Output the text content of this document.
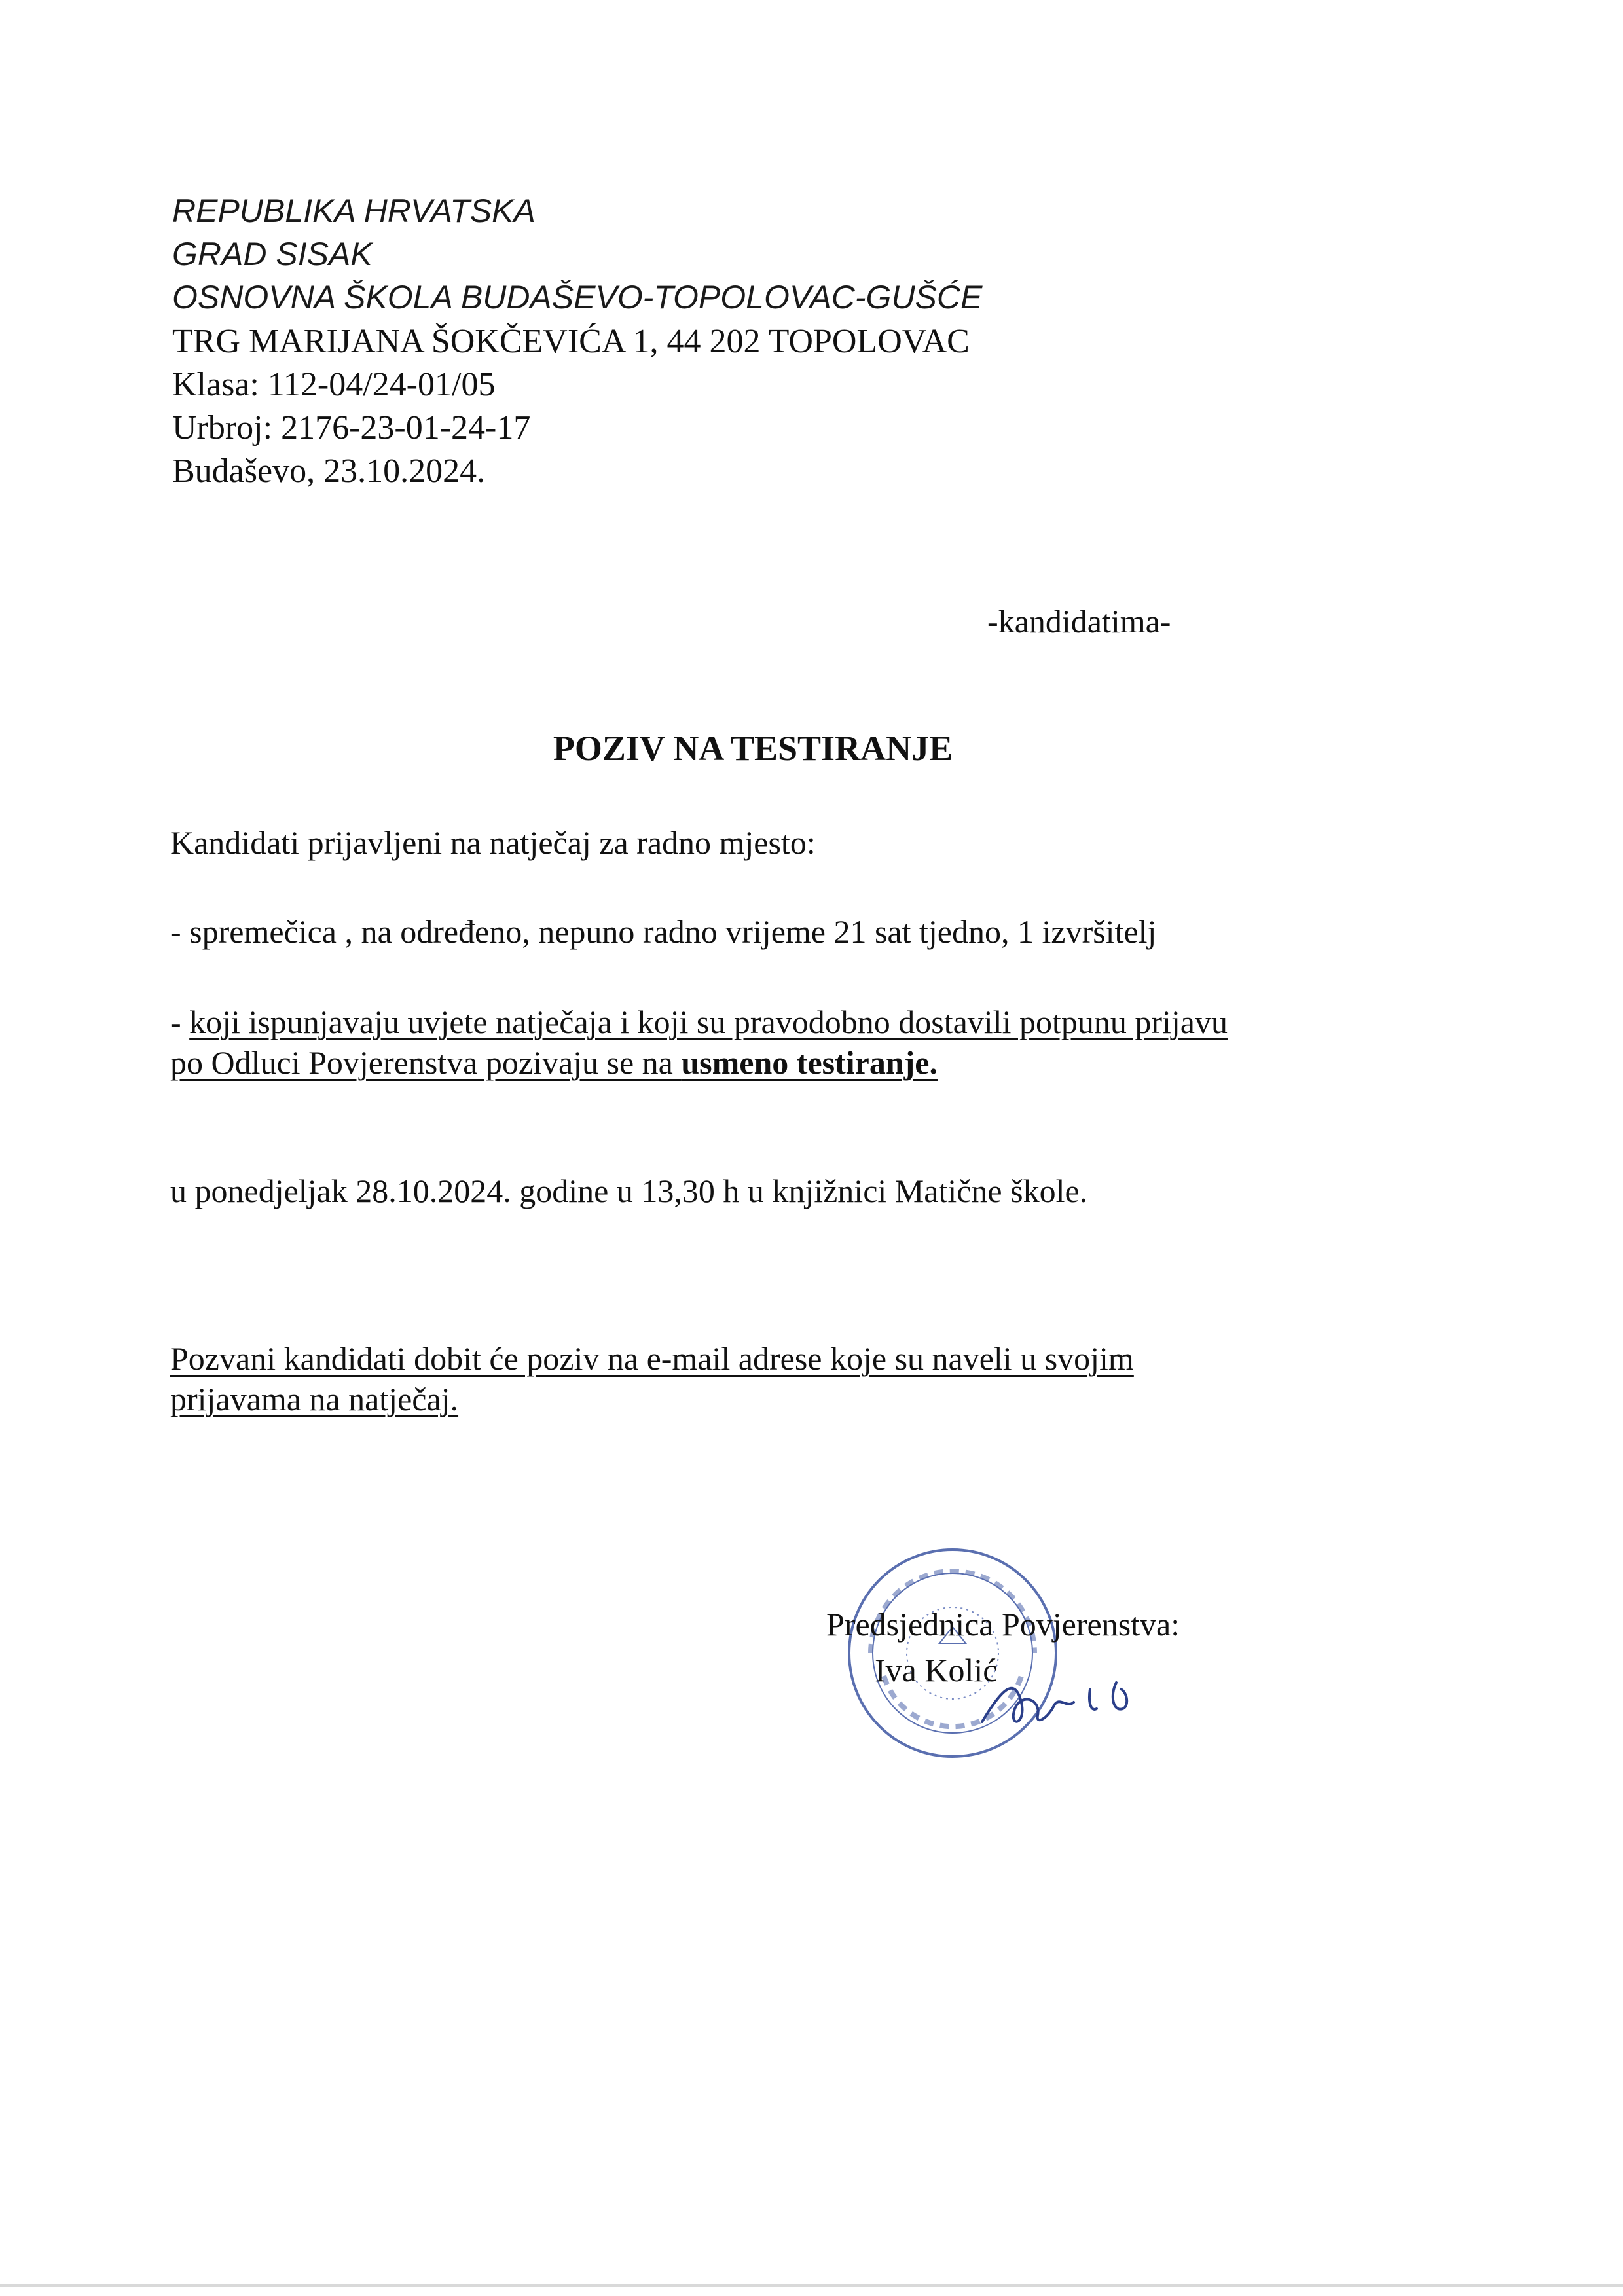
REPUBLIKA HRVATSKA
GRAD SISAK
OSNOVNA ŠKOLA BUDAŠEVO-TOPOLOVAC-GUŠĆE
TRG MARIJANA ŠOKČEVIĆA 1, 44 202 TOPOLOVAC
Klasa: 112-04/24-01/05
Urbroj: 2176-23-01-24-17
Budaševo, 23.10.2024.
-kandidatima-
POZIV NA TESTIRANJE
Kandidati prijavljeni na natječaj za radno mjesto:
- spremečica , na određeno, nepuno radno vrijeme 21 sat tjedno, 1 izvršitelj
- koji ispunjavaju uvjete natječaja i koji su pravodobno dostavili potpunu prijavu
po Odluci Povjerenstva pozivaju se na usmeno testiranje.
u ponedjeljak 28.10.2024. godine u 13,30 h u knjižnici Matične škole.
Pozvani kandidati dobit će poziv na e-mail adrese koje su naveli u svojim
prijavama na natječaj.
Predsjednica Povjerenstva:
Iva Kolić
